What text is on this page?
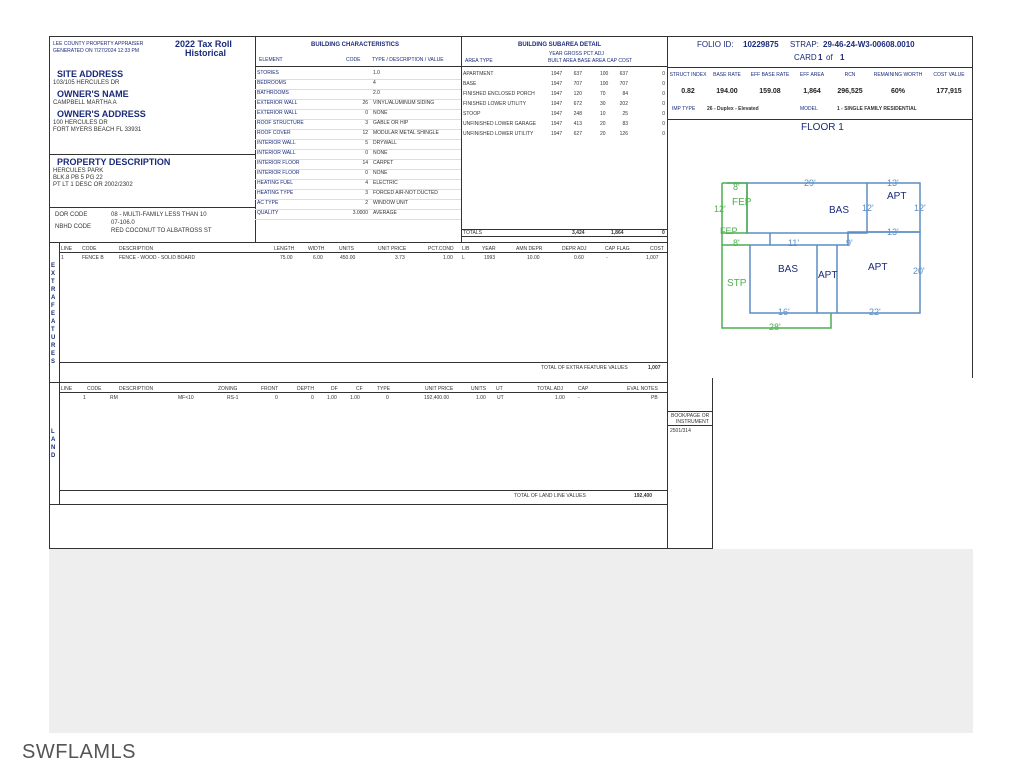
LEE COUNTY PROPERTY APPRAISER
GENERATED ON 7/27/2024 12:33 PM
2022 Tax Roll
Historical
SITE ADDRESS
103/105 HERCULES DR
OWNER'S NAME
CAMPBELL MARTHA A
OWNER'S ADDRESS
100 HERCULES DR
FORT MYERS BEACH FL 33931
PROPERTY DESCRIPTION
HERCULES PARK
BLK.8 PB 5 PG 22
PT LT 1 DESC OR 2002/2302
DOR CODE	08 - MULTI-FAMILY LESS THAN 10
07-106.0
NBHD CODE
RED COCONUT TO ALBATROSS ST
BUILDING CHARACTERISTICS
ELEMENT	CODE TYPE / DESCRIPTION / VALUE
STORIES	1.0
BEDROOMS	4
BATHROOMS	2.0
EXTERIOR WALL	26 VINYL/ALUMINUM SIDING
EXTERIOR WALL	0 NONE
ROOF STRUCTURE	3 GABLE OR HIP
ROOF COVER	12 MODULAR METAL SHINGLE
INTERIOR WALL	5 DRYWALL
INTERIOR WALL	0 NONE
INTERIOR FLOOR	14 CARPET
INTERIOR FLOOR	0 NONE
HEATING FUEL	4 ELECTRIC
HEATING TYPE	3 FORCED AIR-NOT DUCTED
AC TYPE	2 WINDOW UNIT
QUALITY	3.0000 AVERAGE
BUILDING SUBAREA DETAIL
YEAR GROSS PCT ADJ
AREA TYPE	BUILT AREA BASE AREA CAP COST
APARTMENT	1947	637	100	637	0
BASE	1947	707	100	707	0
FINISHED ENCLOSED PORCH	1947	120	70	84	0
FINISHED LOWER UTILITY	1947	672	30	202	0
STOOP	1947	248	10	25	0
UNFINISHED LOWER GARAGE	1947	413	20	83	0
UNFINISHED LOWER UTILITY	1947	627	20	126	0
TOTALS	3,424	1,864	0
FOLIO ID: 10229875 STRAP: 29-46-24-W3-00608.0010
CARD 1 of 1
STRUCT INDEX
0.82
BASE RATE
194.00
EFF BASE RATE
159.08
EFF AREA
1,864
RCN
296,525
REMAINING WORTH
60%
COST VALUE
177,915
IMP TYPE 26 - Duplex - Elevated	MODEL	1 - SINGLE FAMILY RESIDENTIAL
FLOOR 1
8'	29'	13'
FEP
12'
APT
BAS 12'	12'
FEP	13'
8'	11'	9'
BAS
APT
APT	20'
STP
16'	22'
28'
E X T R A F E A T U R E S
LINE CODE	DESCRIPTION	LENGTH	WIDTH	UNITS	UNIT PRICE	PCT.COND L/B YEAR	AMN DEPR	DEPR ADJ	CAP FLAG	COST
1	FENCE B	FENCE - WOOD - SOLID BOARD	75.00	6.00	450.00	3.73	1.00 L	1993	10.00	0.60	-	1,007
TOTAL OF EXTRA FEATURE VALUES	1,007
L A N D
LINE	CODE	DESCRIPTION	ZONING	FRONT	DEPTH	DF	CF	TYPE	UNIT PRICE	UNITS UT	TOTAL ADJ	CAP	EVAL NOTES
1	RM	MF<10	RS-1	0	0	1.00	1.00	0	192,400.00	1.00 UT	1.00	-	PB
TOTAL OF LAND LINE VALUES	192,400
BOOK/PAGE OR
INSTRUMENT
2501/314
SWFLAMLS
